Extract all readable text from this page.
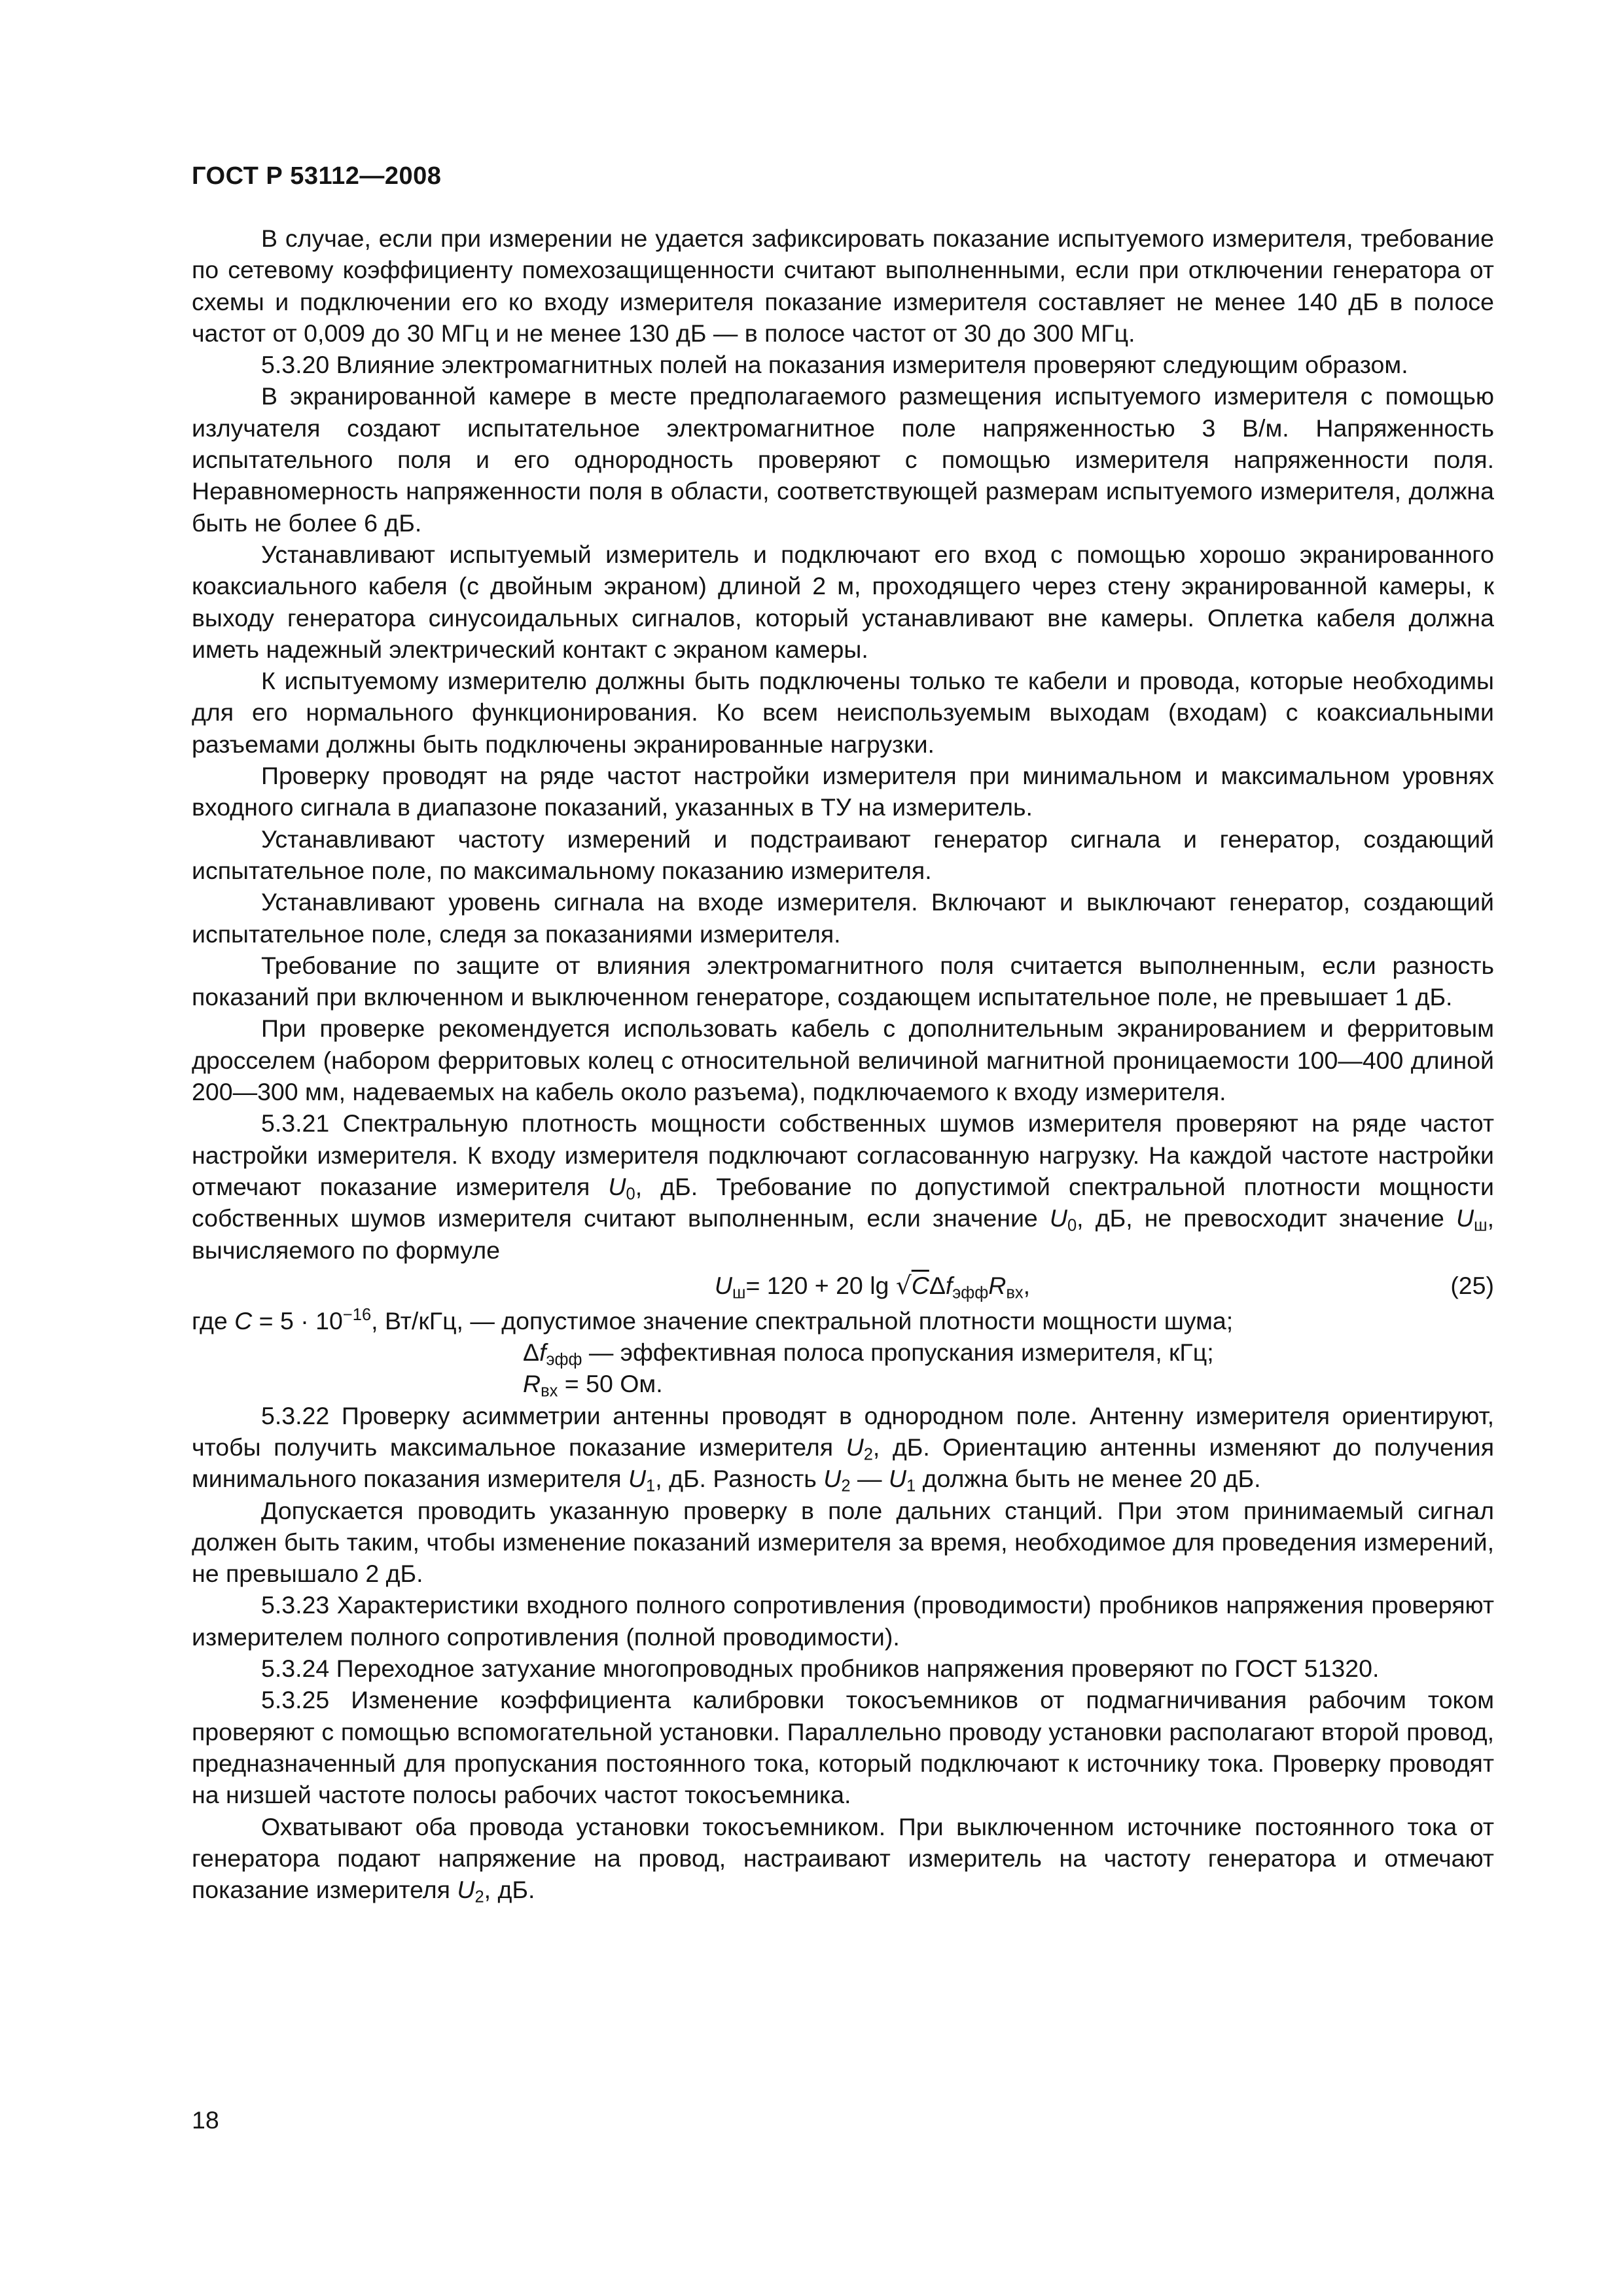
ГОСТ Р 53112—2008

В случае, если при измерении не удается зафиксировать показание испытуемого измерителя, требование по сетевому коэффициенту помехозащищенности считают выполненными, если при отключении генератора от схемы и подключении его ко входу измерителя показание измерителя составляет не менее 140 дБ в полосе частот от 0,009 до 30 МГц и не менее 130 дБ — в полосе частот от 30 до 300 МГц.

5.3.20 Влияние электромагнитных полей на показания измерителя проверяют следующим образом.

В экранированной камере в месте предполагаемого размещения испытуемого измерителя с помощью излучателя создают испытательное электромагнитное поле напряженностью 3 В/м. Напряженность испытательного поля и его однородность проверяют с помощью измерителя напряженности поля. Неравномерность напряженности поля в области, соответствующей размерам испытуемого измерителя, должна быть не более 6 дБ.

Устанавливают испытуемый измеритель и подключают его вход с помощью хорошо экранированного коаксиального кабеля (с двойным экраном) длиной 2 м, проходящего через стену экранированной камеры, к выходу генератора синусоидальных сигналов, который устанавливают вне камеры. Оплетка кабеля должна иметь надежный электрический контакт с экраном камеры.

К испытуемому измерителю должны быть подключены только те кабели и провода, которые необходимы для его нормального функционирования. Ко всем неиспользуемым выходам (входам) с коаксиальными разъемами должны быть подключены экранированные нагрузки.

Проверку проводят на ряде частот настройки измерителя при минимальном и максимальном уровнях входного сигнала в диапазоне показаний, указанных в ТУ на измеритель.

Устанавливают частоту измерений и подстраивают генератор сигнала и генератор, создающий испытательное поле, по максимальному показанию измерителя.

Устанавливают уровень сигнала на входе измерителя. Включают и выключают генератор, создающий испытательное поле, следя за показаниями измерителя.

Требование по защите от влияния электромагнитного поля считается выполненным, если разность показаний при включенном и выключенном генераторе, создающем испытательное поле, не превышает 1 дБ.

При проверке рекомендуется использовать кабель с дополнительным экранированием и ферритовым дросселем (набором ферритовых колец с относительной величиной магнитной проницаемости 100—400 длиной 200—300 мм, надеваемых на кабель около разъема), подключаемого к входу измерителя.

5.3.21 Спектральную плотность мощности собственных шумов измерителя проверяют на ряде частот настройки измерителя. К входу измерителя подключают согласованную нагрузку. На каждой частоте настройки отмечают показание измерителя $U_0$, дБ. Требование по допустимой спектральной плотности мощности собственных шумов измерителя считают выполненным, если значение $U_0$, дБ, не превосходит значение $U_ш$, вычисляемого по формуле

$U_ш= 120 + 20$ $\lg √C\Delta f_{эфф}R_{вх}$,	(25)

где $C = 5 \cdot 10^{-16}$, Вт/кГц, — допустимое значение спектральной плотности мощности шума;

$\Delta f_{эфф}$ — эффективная полоса пропускания измерителя, кГц;

$R_{вх} = 50$ Ом.

5.3.22 Проверку асимметрии антенны проводят в однородном поле. Антенну измерителя ориентируют, чтобы получить максимальное показание измерителя $U_2$, дБ. Ориентацию антенны изменяют до получения минимального показания измерителя $U_1$, дБ. Разность $U_2$ — $U_1$ должна быть не менее 20 дБ.

Допускается проводить указанную проверку в поле дальних станций. При этом принимаемый сигнал должен быть таким, чтобы изменение показаний измерителя за время, необходимое для проведения измерений, не превышало 2 дБ.

5.3.23 Характеристики входного полного сопротивления (проводимости) пробников напряжения проверяют измерителем полного сопротивления (полной проводимости).

5.3.24 Переходное затухание многопроводных пробников напряжения проверяют по ГОСТ 51320.

5.3.25 Изменение коэффициента калибровки токосъемников от подмагничивания рабочим током проверяют с помощью вспомогательной установки. Параллельно проводу установки располагают второй провод, предназначенный для пропускания постоянного тока, который подключают к источнику тока. Проверку проводят на низшей частоте полосы рабочих частот токосъемника.

Охватывают оба провода установки токосъемником. При выключенном источнике постоянного тока от генератора подают напряжение на провод, настраивают измеритель на частоту генератора и отмечают показание измерителя $U_2$, дБ.

18
